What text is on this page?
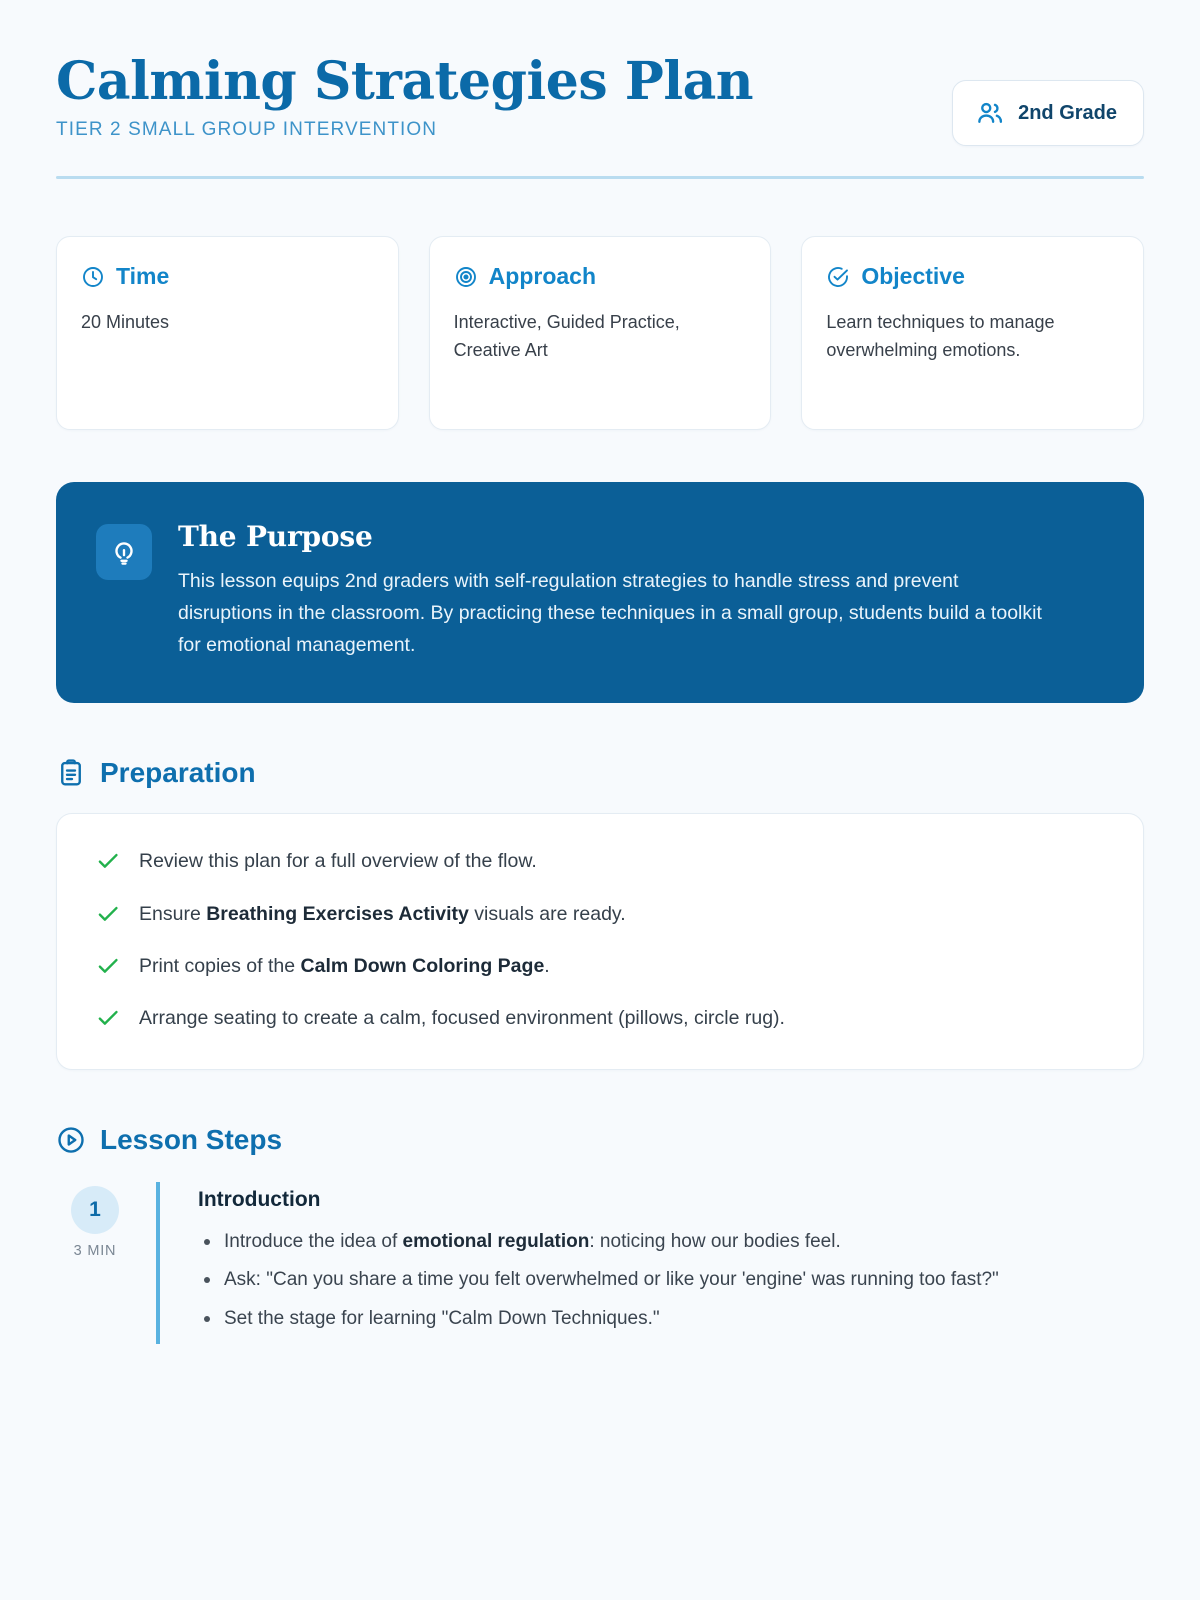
Calming Strategies Plan
TIER 2 SMALL GROUP INTERVENTION
2nd Grade
Time
20 Minutes
Approach
Interactive, Guided Practice, Creative Art
Objective
Learn techniques to manage overwhelming emotions.
The Purpose

This lesson equips 2nd graders with self-regulation strategies to handle stress and prevent disruptions in the classroom. By practicing these techniques in a small group, students build a toolkit for emotional management.

Preparation
Review this plan for a full overview of the flow.
Ensure Breathing Exercises Activity visuals are ready.
Print copies of the Calm Down Coloring Page.
Arrange seating to create a calm, focused environment (pillows, circle rug).
Lesson Steps
1
3 MIN
Introduction
Introduce the idea of emotional regulation: noticing how our bodies feel.
Ask: "Can you share a time you felt overwhelmed or like your 'engine' was running too fast?"
Set the stage for learning "Calm Down Techniques."
